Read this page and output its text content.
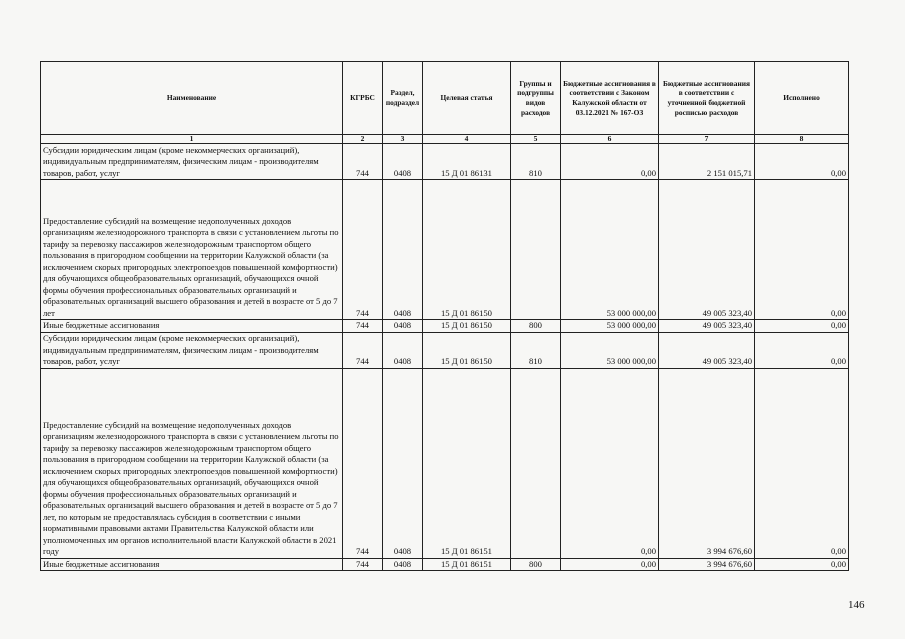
Наименование	КГРБС	Раздел, подраздел	Целевая статья	Группы и подгруппы видов расходов	Бюджетные ассигнования в соответствии с Законом Калужской области от 03.12.2021 № 167-ОЗ	Бюджетные ассигнования в соответствии с уточненной бюджетной росписью расходов	Исполнено
1	2	3	4	5	6	7	8
Субсидии юридическим лицам (кроме некоммерческих организаций), индивидуальным предпринимателям, физическим лицам - производителям товаров, работ, услуг	744	0408	15 Д 01 86131	810	0,00	2 151 015,71	0,00
Предоставление субсидий на возмещение недополученных доходов организациям железнодорожного транспорта в связи с установлением льготы по тарифу за перевозку пассажиров железнодорожным транспортом общего пользования в пригородном сообщении на территории Калужской области (за исключением скорых пригородных электропоездов повышенной комфортности) для обучающихся общеобразовательных организаций, обучающихся очной формы обучения профессиональных образовательных организаций и образовательных организаций высшего образования и детей в возрасте от 5 до 7 лет	744	0408	15 Д 01 86150		53 000 000,00	49 005 323,40	0,00
Иные бюджетные ассигнования	744	0408	15 Д 01 86150	800	53 000 000,00	49 005 323,40	0,00
Субсидии юридическим лицам (кроме некоммерческих организаций), индивидуальным предпринимателям, физическим лицам - производителям товаров, работ, услуг	744	0408	15 Д 01 86150	810	53 000 000,00	49 005 323,40	0,00
Предоставление субсидий на возмещение недополученных доходов организациям железнодорожного транспорта в связи с установлением льготы по тарифу за перевозку пассажиров железнодорожным транспортом общего пользования в пригородном сообщении на территории Калужской области (за исключением скорых пригородных электропоездов повышенной комфортности) для обучающихся общеобразовательных организаций, обучающихся очной формы обучения профессиональных образовательных организаций и образовательных организаций высшего образования и детей в возрасте от 5 до 7 лет, по которым не предоставлялась субсидия в соответствии с иными нормативными правовыми актами Правительства Калужской области или уполномоченных им органов исполнительной власти Калужской области в 2021 году	744	0408	15 Д 01 86151		0,00	3 994 676,60	0,00
Иные бюджетные ассигнования	744	0408	15 Д 01 86151	800	0,00	3 994 676,60	0,00
146
